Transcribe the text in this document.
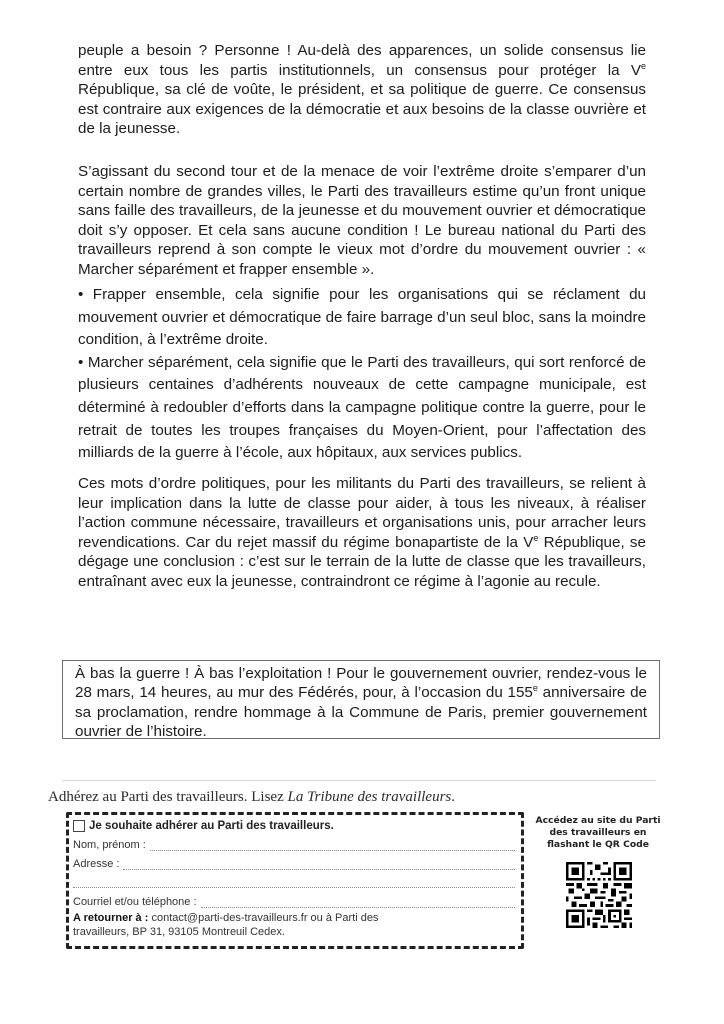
peuple a besoin ? Personne ! Au-delà des apparences, un solide consensus lie entre eux tous les partis institutionnels, un consensus pour protéger la Ve République, sa clé de voûte, le président, et sa politique de guerre. Ce consensus est contraire aux exigences de la démocratie et aux besoins de la classe ouvrière et de la jeunesse.

S’agissant du second tour et de la menace de voir l’extrême droite s’emparer d’un certain nombre de grandes villes, le Parti des travailleurs estime qu’un front unique sans faille des travailleurs, de la jeunesse et du mouvement ouvrier et démocratique doit s’y opposer. Et cela sans aucune condition ! Le bureau national du Parti des travailleurs reprend à son compte le vieux mot d’ordre du mouvement ouvrier : « Marcher séparément et frapper ensemble ».

• Frapper ensemble, cela signifie pour les organisations qui se réclament du mouvement ouvrier et démocratique de faire barrage d’un seul bloc, sans la moindre condition, à l’extrême droite.

• Marcher séparément, cela signifie que le Parti des travailleurs, qui sort renforcé de plusieurs centaines d’adhérents nouveaux de cette campagne municipale, est déterminé à redoubler d’efforts dans la campagne politique contre la guerre, pour le retrait de toutes les troupes françaises du Moyen-Orient, pour l’affectation des milliards de la guerre à l’école, aux hôpitaux, aux services publics.

Ces mots d’ordre politiques, pour les militants du Parti des travailleurs, se relient à leur implication dans la lutte de classe pour aider, à tous les niveaux, à réaliser l’action commune nécessaire, travailleurs et organisations unis, pour arracher leurs revendications. Car du rejet massif du régime bonapartiste de la Ve République, se dégage une conclusion : c’est sur le terrain de la lutte de classe que les travailleurs, entraînant avec eux la jeunesse, contraindront ce régime à l’agonie au recule.

À bas la guerre ! À bas l’exploitation ! Pour le gouvernement ouvrier, rendez-vous le 28 mars, 14 heures, au mur des Fédérés, pour, à l’occasion du 155e anniversaire de sa proclamation, rendre hommage à la Commune de Paris, premier gouvernement ouvrier de l’histoire.
Adhérez au Parti des travailleurs. Lisez La Tribune des travailleurs.
Je souhaite adhérer au Parti des travailleurs.
Nom, prénom :
Adresse :
Courriel et/ou téléphone :
A retourner à : contact@parti-des-travailleurs.fr ou à Parti des travailleurs, BP 31, 93105 Montreuil Cedex.
Accédez au site du Parti des travailleurs en flashant le QR Code
